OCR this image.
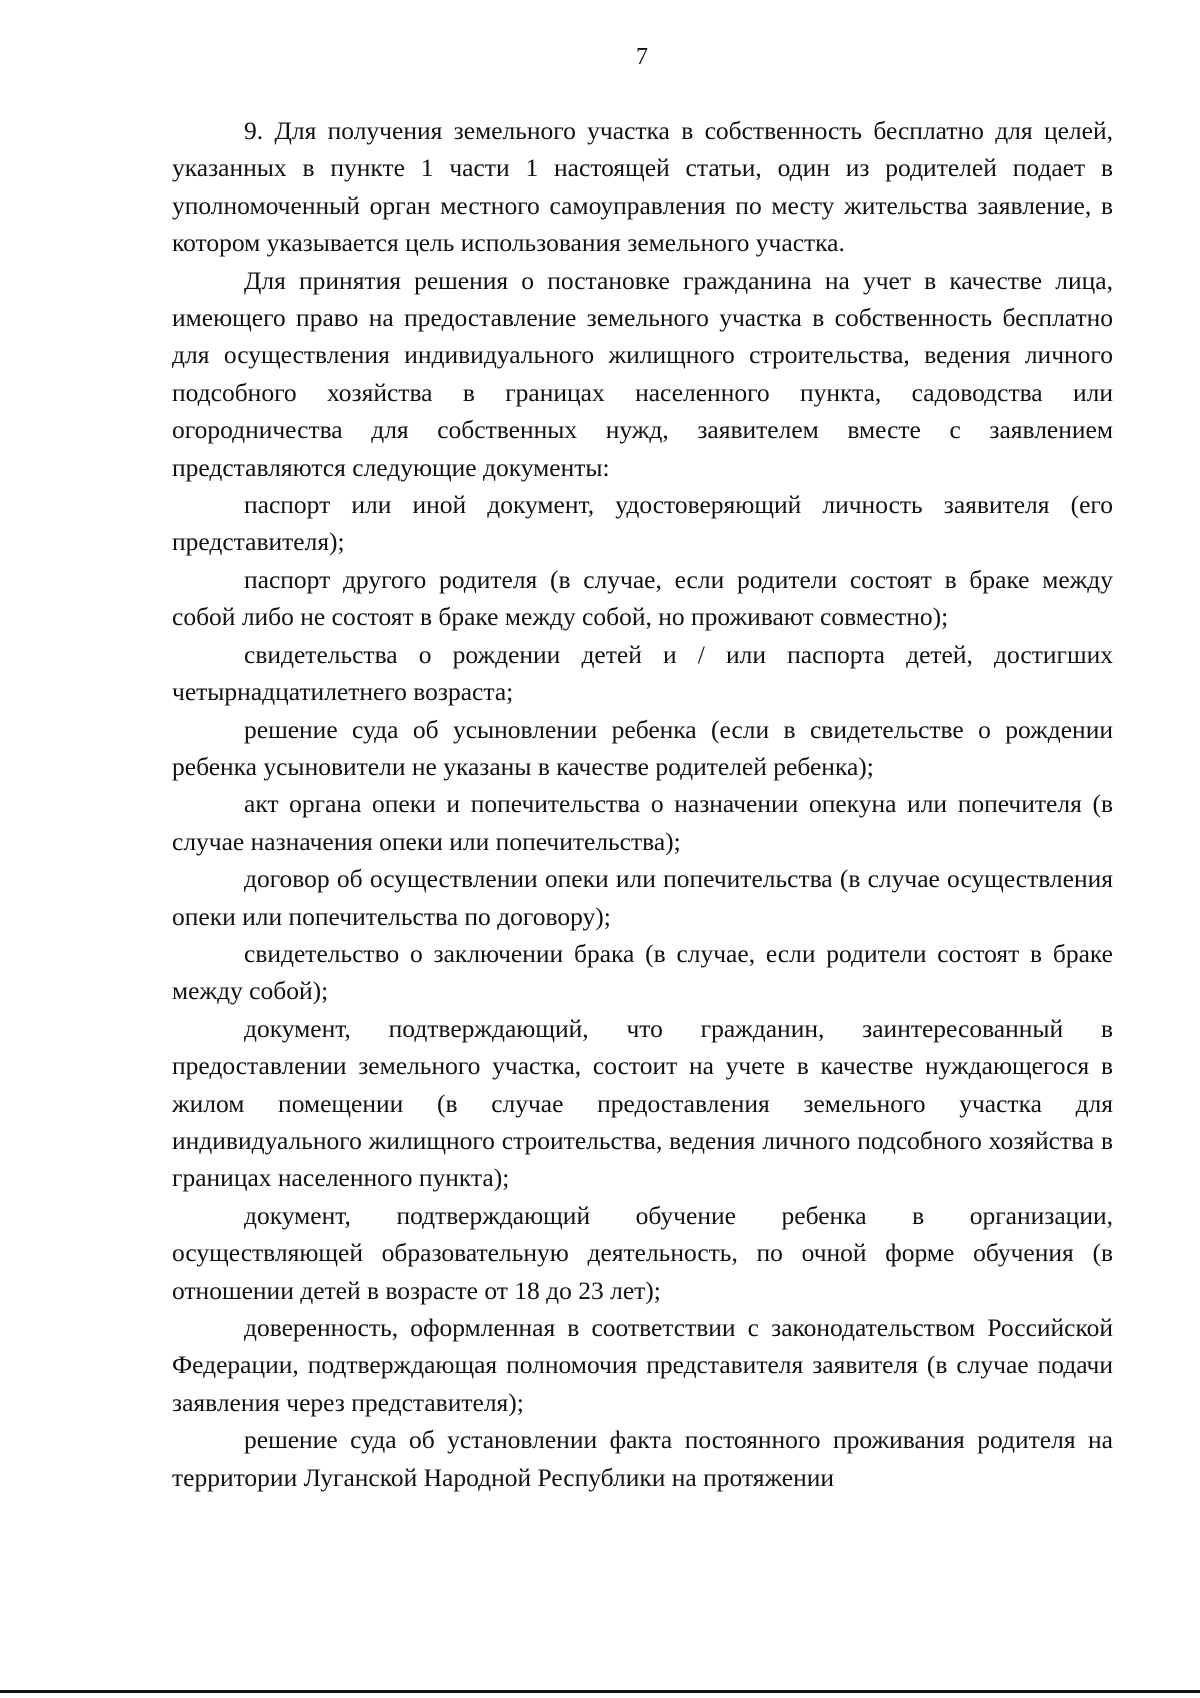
7

9. Для получения земельного участка в собственность бесплатно для целей, указанных в пункте 1 части 1 настоящей статьи, один из родителей подает в уполномоченный орган местного самоуправления по месту жительства заявление, в котором указывается цель использования земельного участка.

Для принятия решения о постановке гражданина на учет в качестве лица, имеющего право на предоставление земельного участка в собственность бесплатно для осуществления индивидуального жилищного строительства, ведения личного подсобного хозяйства в границах населенного пункта, садоводства или огородничества для собственных нужд, заявителем вместе с заявлением представляются следующие документы:

паспорт или иной документ, удостоверяющий личность заявителя (его представителя);

паспорт другого родителя (в случае, если родители состоят в браке между собой либо не состоят в браке между собой, но проживают совместно);

свидетельства о рождении детей и / или паспорта детей, достигших четырнадцатилетнего возраста;

решение суда об усыновлении ребенка (если в свидетельстве о рождении ребенка усыновители не указаны в качестве родителей ребенка);

акт органа опеки и попечительства о назначении опекуна или попечителя (в случае назначения опеки или попечительства);

договор об осуществлении опеки или попечительства (в случае осуществления опеки или попечительства по договору);

свидетельство о заключении брака (в случае, если родители состоят в браке между собой);

документ, подтверждающий, что гражданин, заинтересованный в предоставлении земельного участка, состоит на учете в качестве нуждающегося в жилом помещении (в случае предоставления земельного участка для индивидуального жилищного строительства, ведения личного подсобного хозяйства в границах населенного пункта);

документ, подтверждающий обучение ребенка в организации, осуществляющей образовательную деятельность, по очной форме обучения (в отношении детей в возрасте от 18 до 23 лет);

доверенность, оформленная в соответствии с законодательством Российской Федерации, подтверждающая полномочия представителя заявителя (в случае подачи заявления через представителя);

решение суда об установлении факта постоянного проживания родителя на территории Луганской Народной Республики на протяжении
